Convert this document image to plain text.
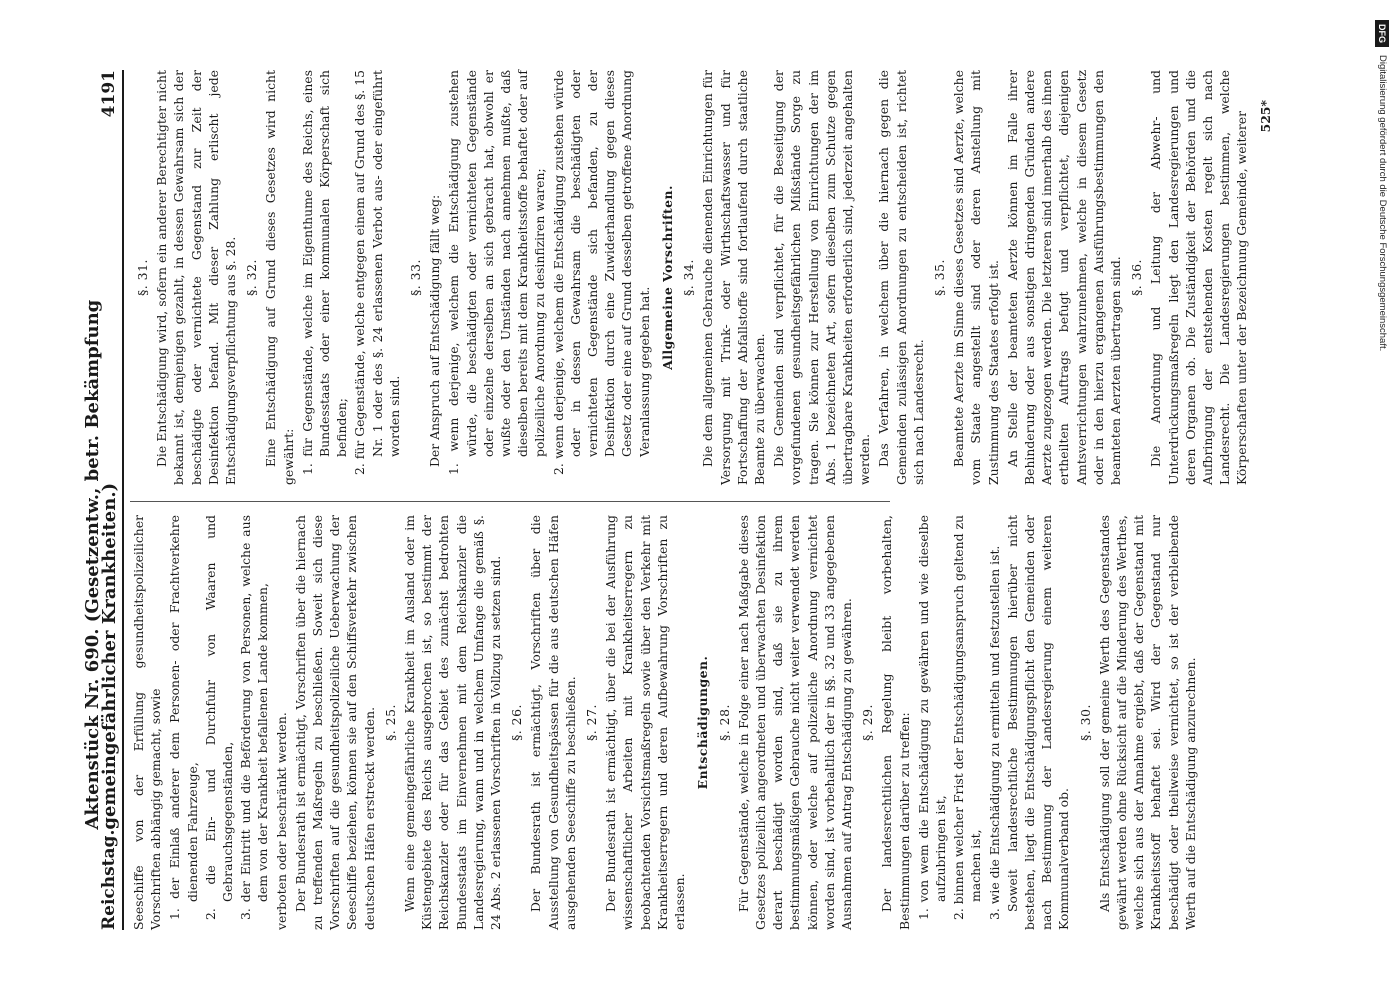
Reichstag.
Aktenstück Nr. 690. (Gesetzentw., betr. Bekämpfung gemeingefährlicher Krankheiten.)
4191
Seeschiffe von der Erfüllung gesundheitspolizeilicher Vorschriften abhängig gemacht, sowie 1. der Einlaß anderer dem Personen- oder Frachtverkehre dienenden Fahrzeuge, 2. die Ein- und Durchfuhr von Waaren und Gebrauchsgegenständen, 3. der Eintritt und die Beförderung von Personen, welche aus dem von der Krankheit befallenen Lande kommen, verboten oder beschränkt werden. Der Bundesrath ist ermächtigt, Vorschriften über die hiernach zu treffenden Maßregeln zu beschließen. Soweit sich diese Vorschriften auf die gesundheitspolizeiliche Ueberwachung der Seeschiffe beziehen, können sie auf den Schiffsverkehr zwischen deutschen Häfen erstreckt werden. §. 25. Wenn eine gemeingefährliche Krankheit im Ausland oder im Küstengebiete des Reichs ausgebrochen ist, so bestimmt der Reichskanzler oder für das Gebiet des zunächst bedrohten Bundesstaats im Einvernehmen mit dem Reichskanzler die Landesregierung, wann und in welchem Umfange die gemäß §. 24 Abs. 2 erlassenen Vorschriften in Vollzug zu setzen sind. §. 26. Der Bundesrath ist ermächtigt, Vorschriften über die Ausstellung von Gesundheitspässen für die aus deutschen Häfen ausgehenden Seeschiffe zu beschließen. §. 27. Der Bundesrath ist ermächtigt, über die bei der Ausführung wissenschaftlicher Arbeiten mit Krankheitserregern zu beobachtenden Vorsichtsmaßregeln sowie über den Verkehr mit Krankheitserregern und deren Aufbewahrung Vorschriften zu erlassen.
Entschädigungen. §. 28. Für Gegenstände, welche in Folge einer nach Maßgabe dieses Gesetzes polizeilich angeordneten und überwachten Desinfektion derart beschädigt worden sind, daß sie zu ihrem bestimmungsmäßigen Gebrauche nicht weiter verwendet werden können, oder welche auf polizeiliche Anordnung vernichtet worden sind, ist vorbehaltlich der in §§. 32 und 33 angegebenen Ausnahmen auf Antrag Entschädigung zu gewähren. §. 29. Der landesrechtlichen Regelung bleibt vorbehalten, Bestimmungen darüber zu treffen: 1. von wem die Entschädigung zu gewähren und wie dieselbe aufzubringen ist, 2. binnen welcher Frist der Entschädigungsanspruch geltend zu machen ist, 3. wie die Entschädigung zu ermitteln und festzustellen ist. Soweit landesrechtliche Bestimmungen hierüber nicht bestehen, liegt die Entschädigungspflicht den Gemeinden oder nach Bestimmung der Landesregierung einem weiteren Kommunalverband ob.
§. 30. Als Entschädigung soll der gemeine Werth des Gegenstandes gewährt werden ohne Rücksicht auf die Minderung des Werthes, welche sich aus der Annahme ergiebt, daß der Gegenstand mit Krankheitsstoff behaftet sei. Wird der Gegenstand nur beschädigt oder theilweise vernichtet, so ist der verbleibende Werth auf die Entschädigung anzurechnen.
§. 31. Die Entschädigung wird, sofern ein anderer Berechtigter nicht bekannt ist, demjenigen gezahlt, in dessen Gewahrsam sich der beschädigte oder vernichtete Gegenstand zur Zeit der Desinfektion befand. Mit dieser Zahlung erlischt jede Entschädigungsverpflichtung aus §. 28. §. 32. Eine Entschädigung auf Grund dieses Gesetzes wird nicht gewährt: 1. für Gegenstände, welche im Eigenthume des Reichs, eines Bundesstaats oder einer kommunalen Körperschaft sich befinden; 2. für Gegenstände, welche entgegen einem auf Grund des §. 15 Nr. 1 oder des §. 24 erlassenen Verbot aus- oder eingeführt worden sind.
§. 33. Der Anspruch auf Entschädigung fällt weg: 1. wenn derjenige, welchem die Entschädigung zustehen würde, die beschädigten oder vernichteten Gegenstände oder einzelne derselben an sich gebracht hat, obwohl er wußte oder den Umständen nach annehmen mußte, daß dieselben bereits mit dem Krankheitsstoffe behaftet oder auf polizeiliche Anordnung zu desinfiziren waren; 2. wenn derjenige, welchem die Entschädigung zustehen würde oder in dessen Gewahrsam die beschädigten oder vernichteten Gegenstände sich befanden, zu der Desinfektion durch eine Zuwiderhandlung gegen dieses Gesetz oder eine auf Grund desselben getroffene Anordnung Veranlassung gegeben hat.
Allgemeine Vorschriften. §. 34. Die dem allgemeinen Gebrauche dienenden Einrichtungen für Versorgung mit Trink- oder Wirthschaftswasser und für Fortschaffung der Abfallstoffe sind fortlaufend durch staatliche Beamte zu überwachen. Die Gemeinden sind verpflichtet, für die Beseitigung der vorgefundenen gesundheitsgefährlichen Mißstände Sorge zu tragen. Sie können zur Herstellung von Einrichtungen der im Abs. 1 bezeichneten Art, sofern dieselben zum Schutze gegen übertragbare Krankheiten erforderlich sind, jederzeit angehalten werden. Das Verfahren, in welchem über die hiernach gegen die Gemeinden zulässigen Anordnungen zu entscheiden ist, richtet sich nach Landesrecht.
§. 35. Beamtete Aerzte im Sinne dieses Gesetzes sind Aerzte, welche vom Staate angestellt sind oder deren Anstellung mit Zustimmung des Staates erfolgt ist. An Stelle der beamteten Aerzte können im Falle ihrer Behinderung oder aus sonstigen dringenden Gründen andere Aerzte zugezogen werden. Die letzteren sind innerhalb des ihnen ertheilten Auftrags befugt und verpflichtet, diejenigen Amtsverrichtungen wahrzunehmen, welche in diesem Gesetz oder in den hierzu ergangenen Ausführungsbestimmungen den beamteten Aerzten übertragen sind. §. 36. Die Anordnung und Leitung der Abwehr- und Unterdrückungsmaßregeln liegt den Landesregierungen und deren Organen ob. Die Zuständigkeit der Behörden und die Aufbringung der entstehenden Kosten regelt sich nach Landesrecht. Die Landesregierungen bestimmen, welche Körperschaften unter der Bezeichnung Gemeinde, weiterer 525*
DFG
Digitalisierung gefördert durch die Deutsche Forschungsgemeinschaft.
